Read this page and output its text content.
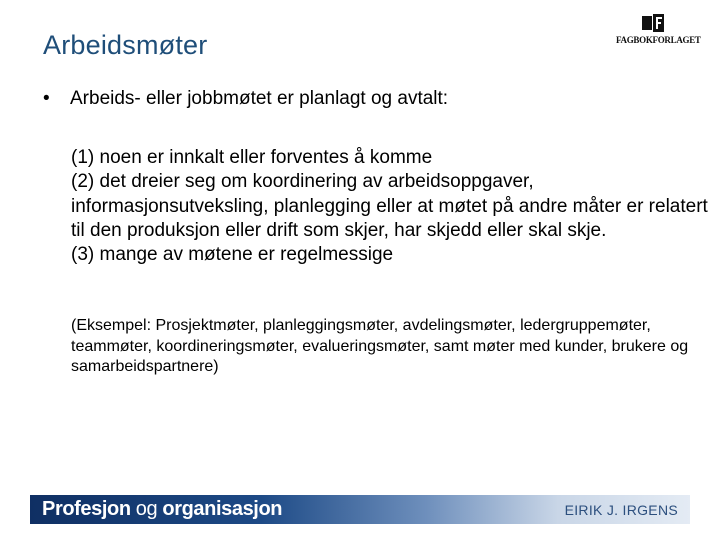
Arbeidsmøter	FAGBOKFORLAGET
•	Arbeids- eller jobbmøtet er planlagt og avtalt:
(1) noen er innkalt eller forventes å komme
(2) det dreier seg om koordinering av arbeidsoppgaver, informasjonsutveksling, planlegging eller at møtet på andre måter er relatert til den produksjon eller drift som skjer, har skjedd eller skal skje.
(3) mange av møtene er regelmessige
(Eksempel: Prosjektmøter, planleggingsmøter, avdelingsmøter, ledergruppemøter, teammøter, koordineringsmøter, evalueringsmøter, samt møter med kunder, brukere og samarbeidspartnere)
Profesjon og organisasjon	EIRIK J. IRGENS
